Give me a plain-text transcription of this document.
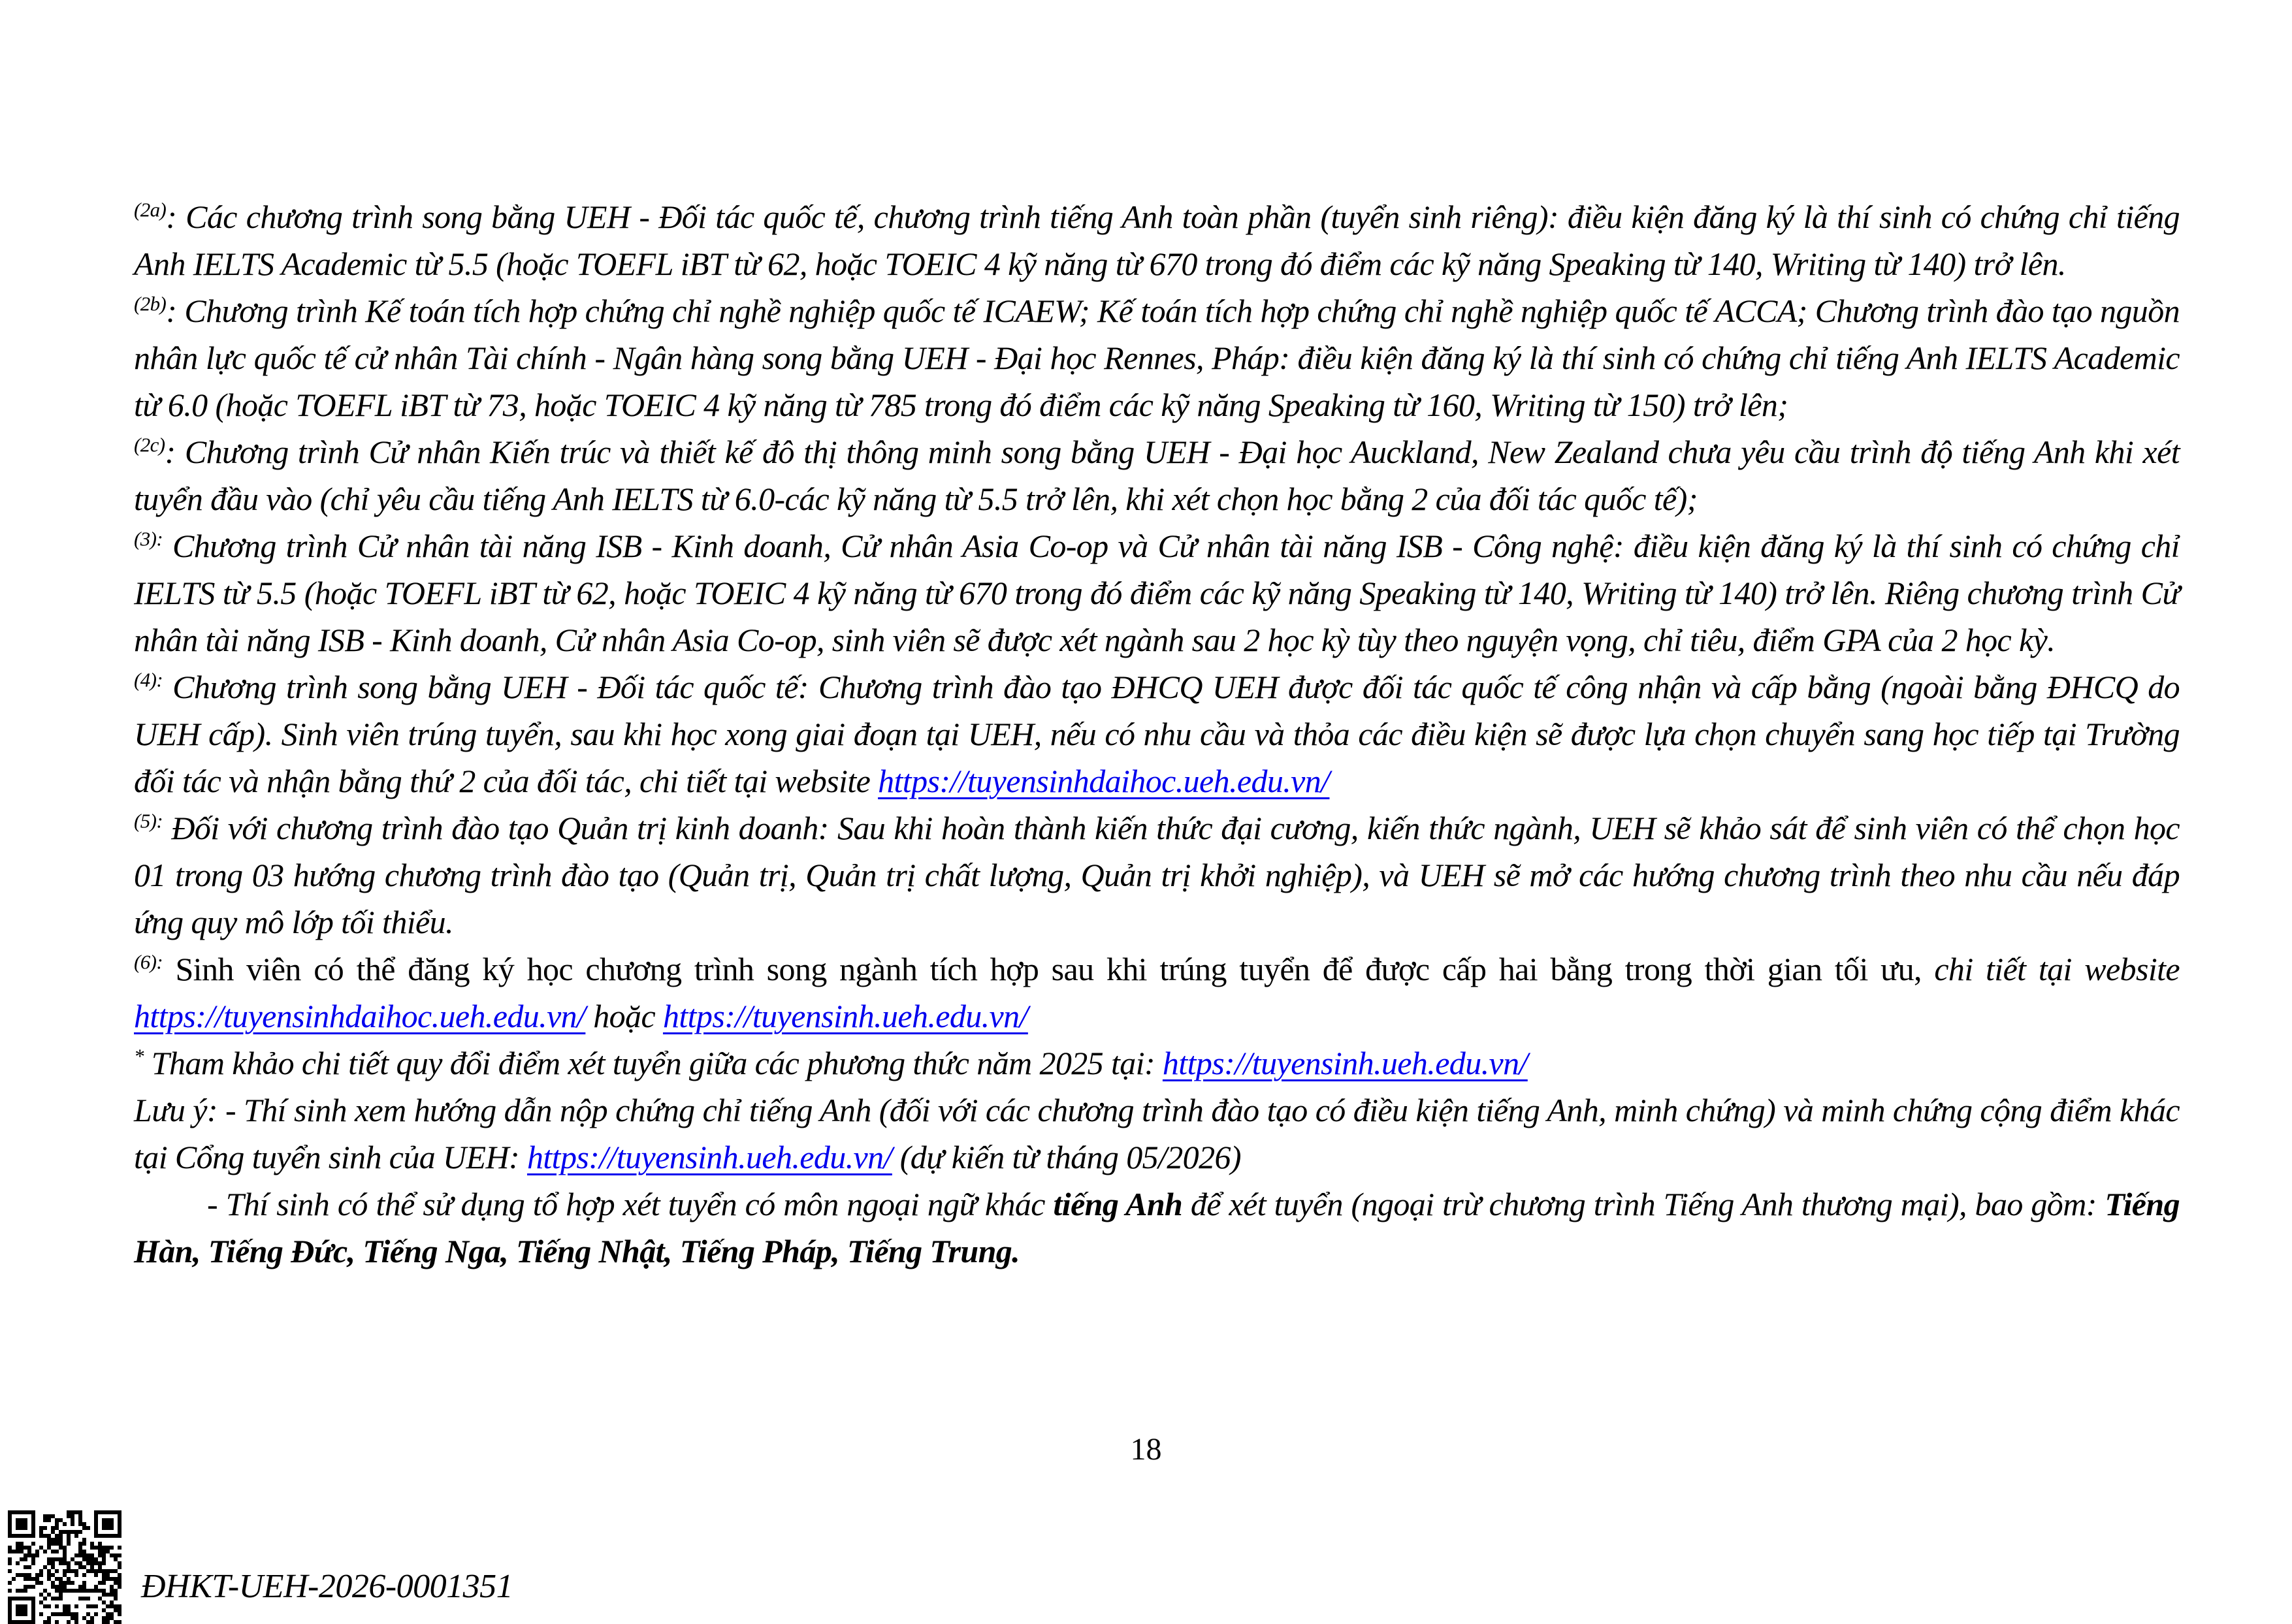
$^{(2a)}$: Các chương trình song bằng UEH - Đối tác quốc tế, chương trình tiếng Anh toàn phần (tuyển sinh riêng): điều kiện đăng ký là thí sinh có chứng chỉ tiếng Anh IELTS Academic từ 5.5 (hoặc TOEFL iBT từ 62, hoặc TOEIC 4 kỹ năng từ 670 trong đó điểm các kỹ năng Speaking từ 140, Writing từ 140) trở lên.

$^{(2b)}$: Chương trình Kế toán tích hợp chứng chỉ nghề nghiệp quốc tế ICAEW; Kế toán tích hợp chứng chỉ nghề nghiệp quốc tế ACCA; Chương trình đào tạo nguồn nhân lực quốc tế cử nhân Tài chính - Ngân hàng song bằng UEH - Đại học Rennes, Pháp: điều kiện đăng ký là thí sinh có chứng chỉ tiếng Anh IELTS Academic từ 6.0 (hoặc TOEFL iBT từ 73, hoặc TOEIC 4 kỹ năng từ 785 trong đó điểm các kỹ năng Speaking từ 160, Writing từ 150) trở lên;

$^{(2c)}$: Chương trình Cử nhân Kiến trúc và thiết kế đô thị thông minh song bằng UEH - Đại học Auckland, New Zealand chưa yêu cầu trình độ tiếng Anh khi xét tuyển đầu vào (chỉ yêu cầu tiếng Anh IELTS từ 6.0-các kỹ năng từ 5.5 trở lên, khi xét chọn học bằng 2 của đối tác quốc tế);

$^{(3):}$ Chương trình Cử nhân tài năng ISB - Kinh doanh, Cử nhân Asia Co-op và Cử nhân tài năng ISB - Công nghệ: điều kiện đăng ký là thí sinh có chứng chỉ IELTS từ 5.5 (hoặc TOEFL iBT từ 62, hoặc TOEIC 4 kỹ năng từ 670 trong đó điểm các kỹ năng Speaking từ 140, Writing từ 140) trở lên. Riêng chương trình Cử nhân tài năng ISB - Kinh doanh, Cử nhân Asia Co-op, sinh viên sẽ được xét ngành sau 2 học kỳ tùy theo nguyện vọng, chỉ tiêu, điểm GPA của 2 học kỳ.

$^{(4):}$ Chương trình song bằng UEH - Đối tác quốc tế: Chương trình đào tạo ĐHCQ UEH được đối tác quốc tế công nhận và cấp bằng (ngoài bằng ĐHCQ do UEH cấp). Sinh viên trúng tuyển, sau khi học xong giai đoạn tại UEH, nếu có nhu cầu và thỏa các điều kiện sẽ được lựa chọn chuyển sang học tiếp tại Trường đối tác và nhận bằng thứ 2 của đối tác, chi tiết tại website https://tuyensinhdaihoc.ueh.edu.vn/

$^{(5):}$ Đối với chương trình đào tạo Quản trị kinh doanh: Sau khi hoàn thành kiến thức đại cương, kiến thức ngành, UEH sẽ khảo sát để sinh viên có thể chọn học 01 trong 03 hướng chương trình đào tạo (Quản trị, Quản trị chất lượng, Quản trị khởi nghiệp), và UEH sẽ mở các hướng chương trình theo nhu cầu nếu đáp ứng quy mô lớp tối thiểu.

$^{(6):}$ Sinh viên có thể đăng ký học chương trình song ngành tích hợp sau khi trúng tuyển để được cấp hai bằng trong thời gian tối ưu, chi tiết tại website https://tuyensinhdaihoc.ueh.edu.vn/ hoặc https://tuyensinh.ueh.edu.vn/

* Tham khảo chi tiết quy đổi điểm xét tuyển giữa các phương thức năm 2025 tại: https://tuyensinh.ueh.edu.vn/

Lưu ý: - Thí sinh xem hướng dẫn nộp chứng chỉ tiếng Anh (đối với các chương trình đào tạo có điều kiện tiếng Anh, minh chứng) và minh chứng cộng điểm khác tại Cổng tuyển sinh của UEH: https://tuyensinh.ueh.edu.vn/ (dự kiến từ tháng 05/2026)

- Thí sinh có thể sử dụng tổ hợp xét tuyển có môn ngoại ngữ khác tiếng Anh để xét tuyển (ngoại trừ chương trình Tiếng Anh thương mại), bao gồm: Tiếng Hàn, Tiếng Đức, Tiếng Nga, Tiếng Nhật, Tiếng Pháp, Tiếng Trung.

18
ĐHKT-UEH-2026-0001351
